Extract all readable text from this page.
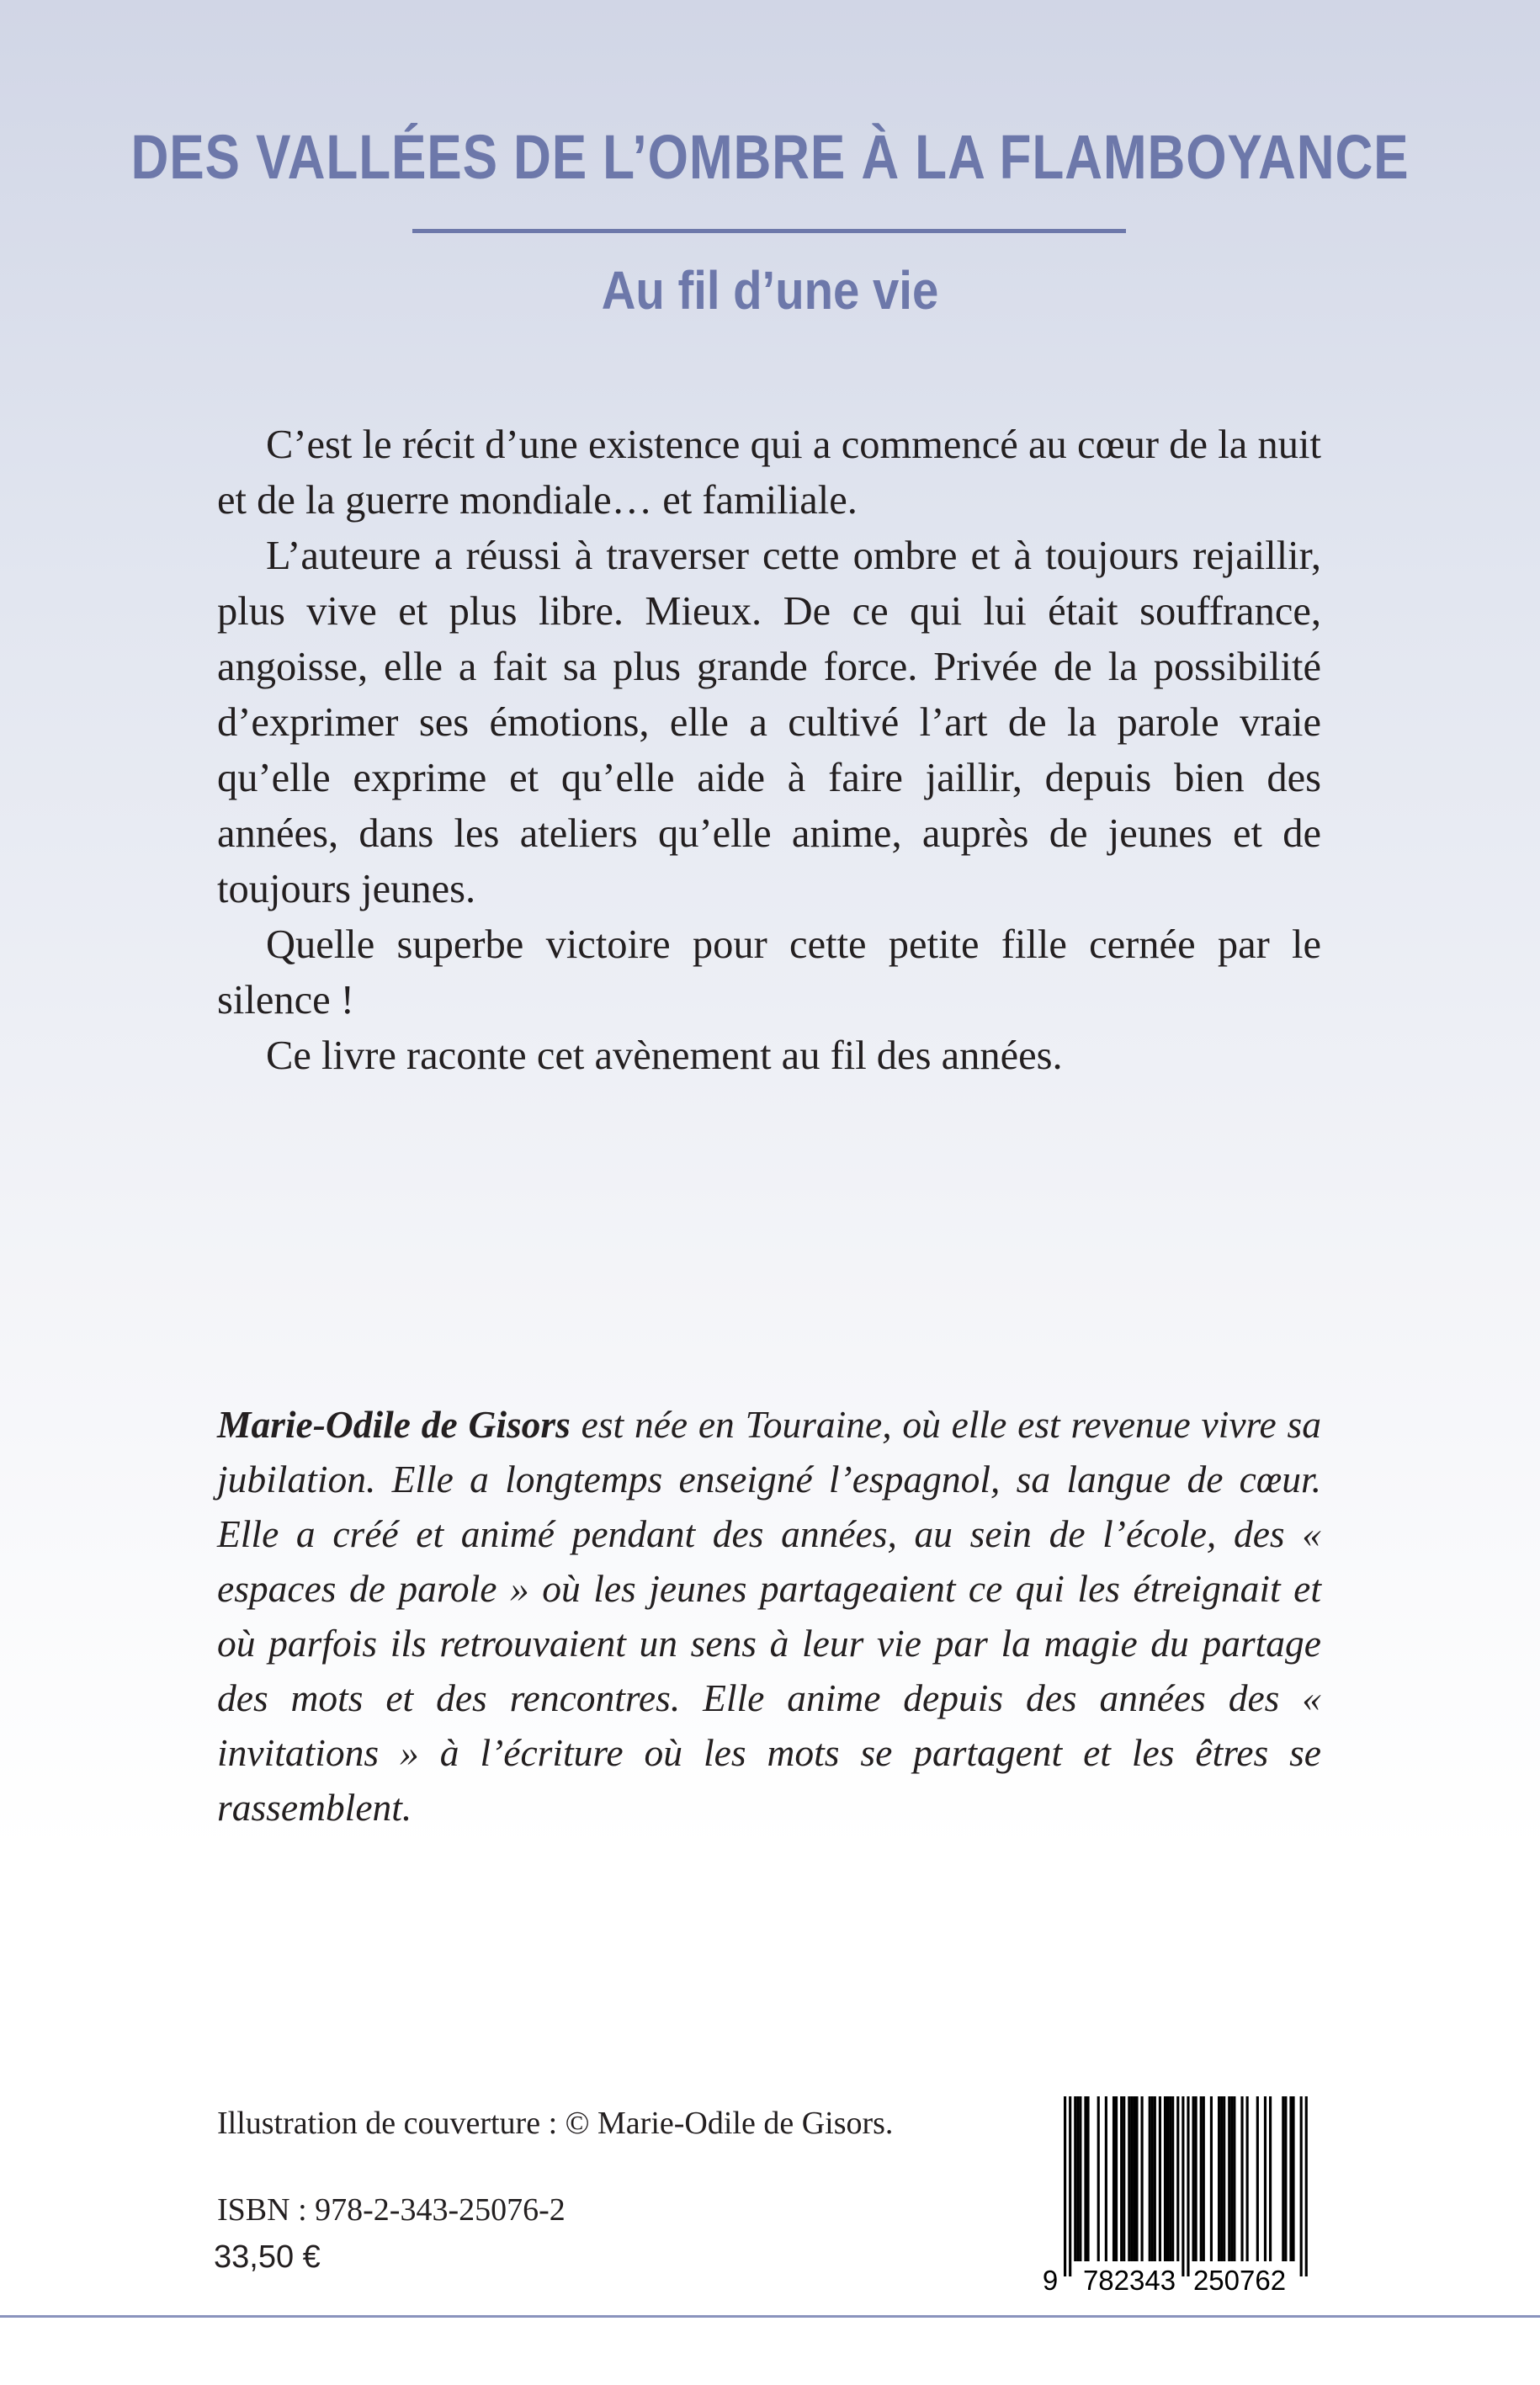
DES VALLÉES DE L’OMBRE À LA FLAMBOYANCE
Au fil d’une vie

C’est le récit d’une existence qui a commencé au cœur de la nuit et de la guerre mondiale… et familiale.

L’auteure a réussi à traverser cette ombre et à toujours rejaillir, plus vive et plus libre. Mieux. De ce qui lui était souffrance, angoisse, elle a fait sa plus grande force. Privée de la possibilité d’exprimer ses émotions, elle a cultivé l’art de la parole vraie qu’elle exprime et qu’elle aide à faire jaillir, depuis bien des années, dans les ateliers qu’elle anime, auprès de jeunes et de toujours jeunes.

Quelle superbe victoire pour cette petite fille cernée par le silence !

Ce livre raconte cet avènement au fil des années.

Marie-Odile de Gisors est née en Touraine, où elle est revenue vivre sa jubilation. Elle a longtemps enseigné l’espagnol, sa langue de cœur. Elle a créé et animé pendant des années, au sein de l’école, des « espaces de parole » où les jeunes partageaient ce qui les étreignait et où parfois ils retrouvaient un sens à leur vie par la magie du partage des mots et des rencontres. Elle anime depuis des années des « invitations » à l’écriture où les mots se partagent et les êtres se rassemblent.

Illustration de couverture : © Marie-Odile de Gisors.

ISBN : 978-2-343-25076-2

33,50 €

9 782343 250762
